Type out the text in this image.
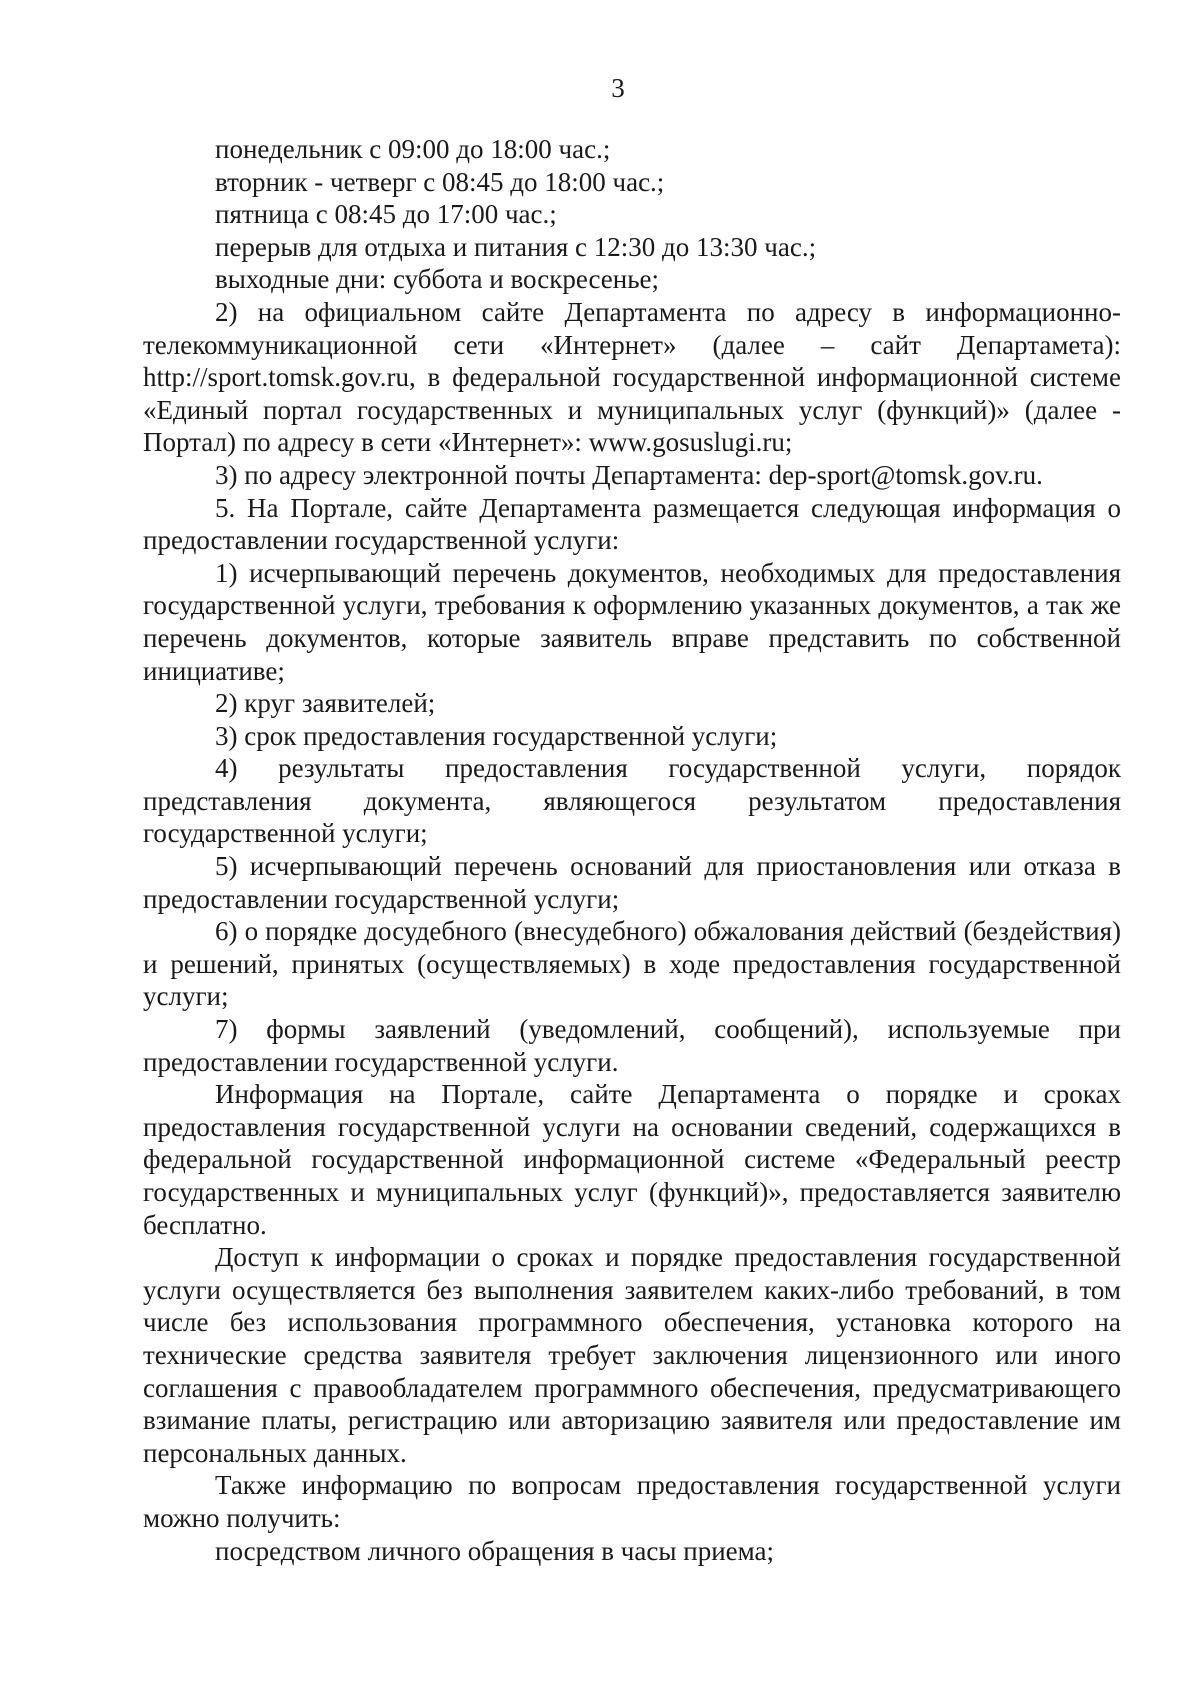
3

понедельник с 09:00 до 18:00 час.;

вторник - четверг с 08:45 до 18:00 час.;

пятница с 08:45 до 17:00 час.;

перерыв для отдыха и питания с 12:30 до 13:30 час.;

выходные дни: суббота и воскресенье;

2) на официальном сайте Департамента по адресу в информационно-телекоммуникационной сети «Интернет» (далее – сайт Департамета): http://sport.tomsk.gov.ru, в федеральной государственной информационной системе «Единый портал государственных и муниципальных услуг (функций)» (далее - Портал) по адресу в сети «Интернет»: www.gosuslugi.ru;

3) по адресу электронной почты Департамента: dep-sport@tomsk.gov.ru.

5. На Портале, сайте Департамента размещается следующая информация о предоставлении государственной услуги:

1) исчерпывающий перечень документов, необходимых для предоставления государственной услуги, требования к оформлению указанных документов, а так же перечень документов, которые заявитель вправе представить по собственной инициативе;

2) круг заявителей;

3) срок предоставления государственной услуги;

4) результаты предоставления государственной услуги, порядок представления документа, являющегося результатом предоставления государственной услуги;

5) исчерпывающий перечень оснований для приостановления или отказа в предоставлении государственной услуги;

6) о порядке досудебного (внесудебного) обжалования действий (бездействия) и решений, принятых (осуществляемых) в ходе предоставления государственной услуги;

7) формы заявлений (уведомлений, сообщений), используемые при предоставлении государственной услуги.

Информация на Портале, сайте Департамента о порядке и сроках предоставления государственной услуги на основании сведений, содержащихся в федеральной государственной информационной системе «Федеральный реестр государственных и муниципальных услуг (функций)», предоставляется заявителю бесплатно.

Доступ к информации о сроках и порядке предоставления государственной услуги осуществляется без выполнения заявителем каких-либо требований, в том числе без использования программного обеспечения, установка которого на технические средства заявителя требует заключения лицензионного или иного соглашения с правообладателем программного обеспечения, предусматривающего взимание платы, регистрацию или авторизацию заявителя или предоставление им персональных данных.

Также информацию по вопросам предоставления государственной услуги можно получить:

посредством личного обращения в часы приема;
